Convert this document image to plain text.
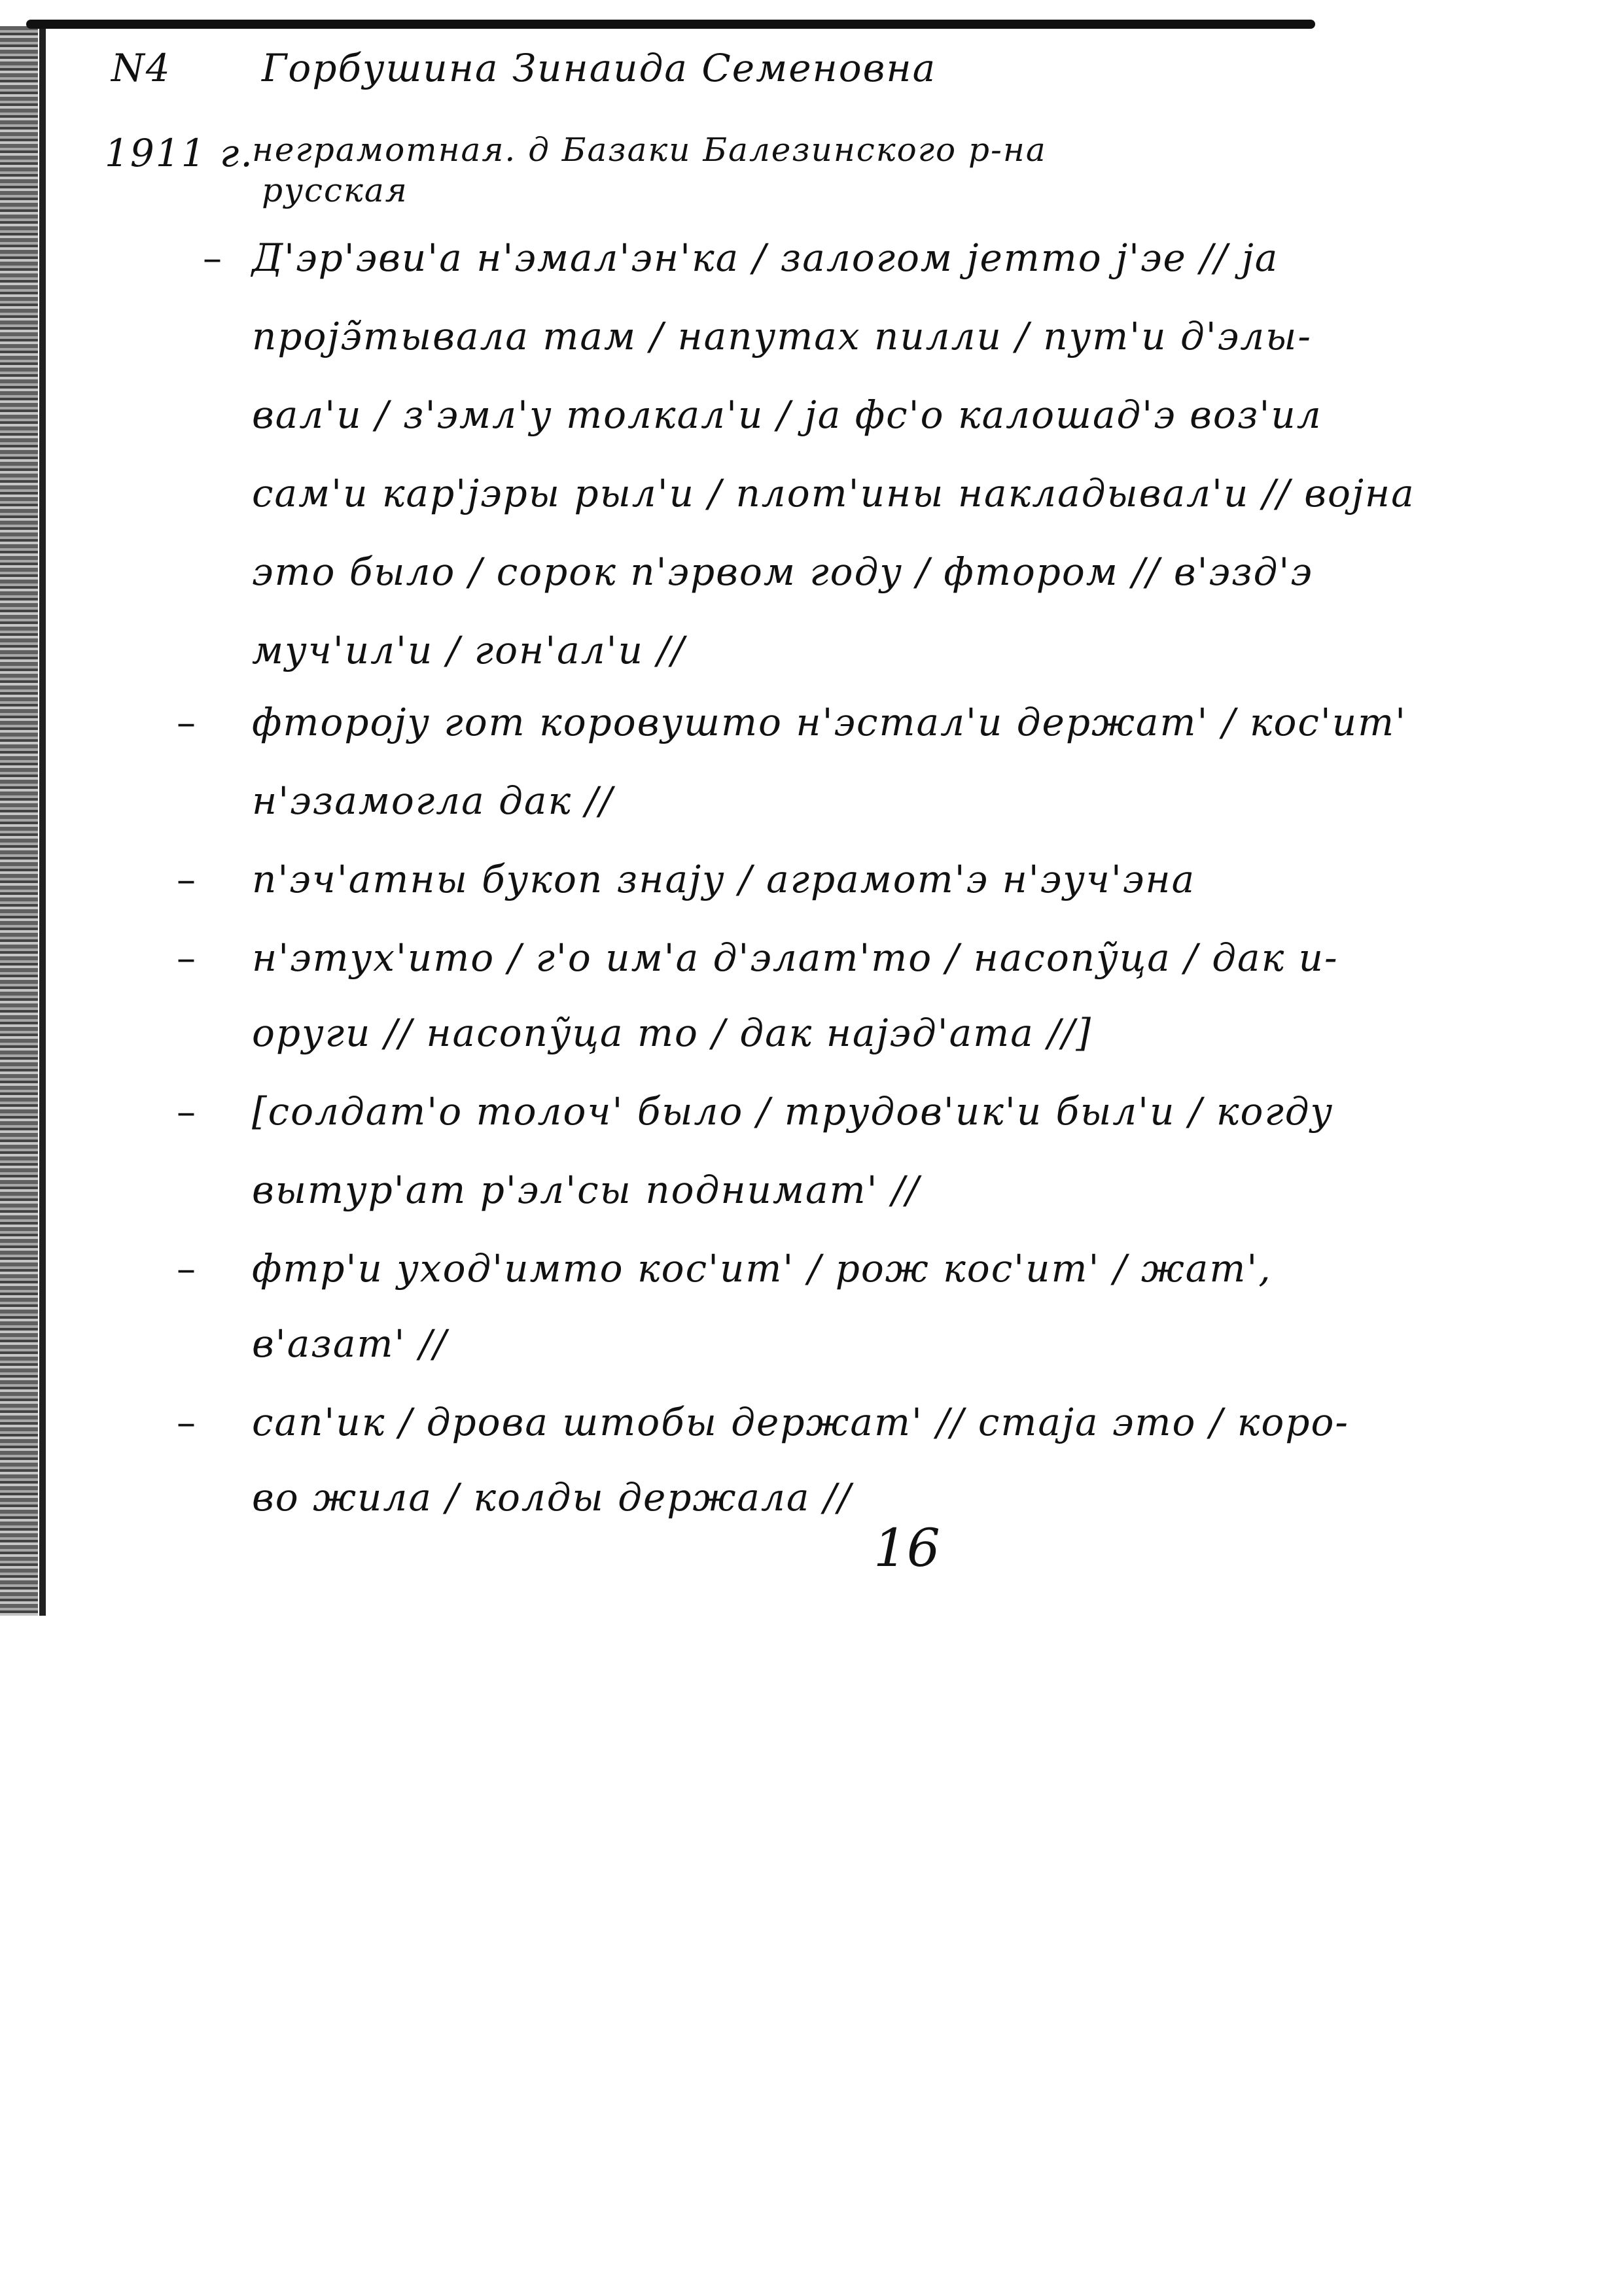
N4 Горбушина Зинаида Семеновна
1911 г.
неграмотная. д Базаки Балезинского р-на
русская
– Д'эр'эви'а н'эмал'эн'ка / залогом јетто ј'эе // ја
пројэ̃тывала там / напутах пилли / пут'и д'элы-
вал'и / з'эмл'у толкал'и / ја фс'о калошад'э воз'ил
сам'и кар'јэры рыл'и / плот'ины накладывал'и // војна
это было / сорок п'эрвом году / фтором // в'эзд'э
муч'ил'и / гон'ал'и //
– фтороју гот коровушто н'эстал'и держат' / кос'ит'
н'эзамогла дак //
– п'эч'атны букоп знају / аграмот'э н'эуч'эна
– н'этух'ито / г'о им'а д'элат'то / насопу̃ца / дак и-
оруги // насопу̃ца то / дак најэд'ата //]
– [солдат'о толоч' было / трудов'ик'и был'и / когду
вытур'ат р'эл'сы поднимат' //
– фтр'и уход'имто кос'ит' / рож кос'ит' / жат',
в'азат' //
– сап'ик / дрова штобы держат' // стаја это / коро-
во жила / колды держала //
16
